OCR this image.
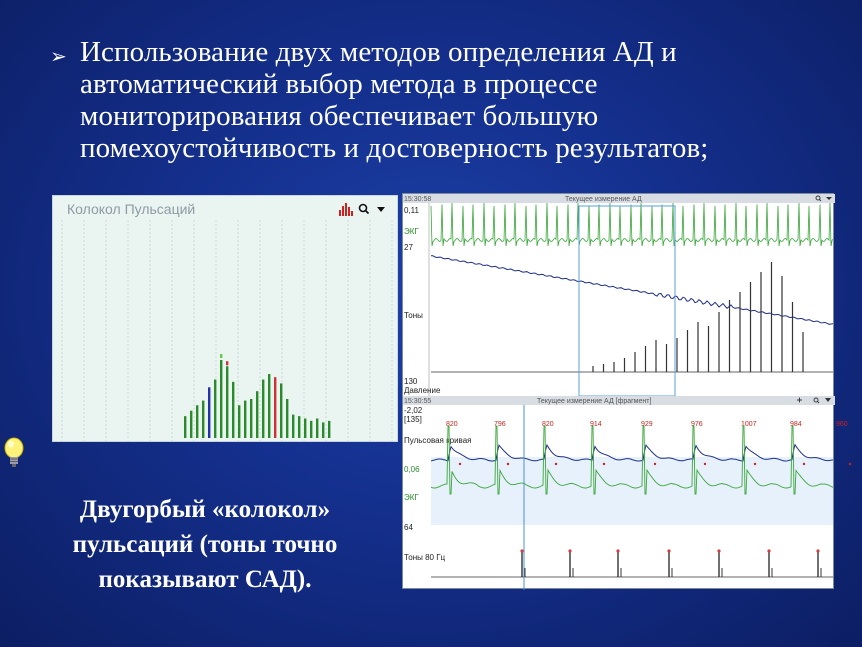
➢ Использование двух методов определения АД и
автоматический выбор метода в процессе
мониторирования обеспечивает большую
помехоустойчивость и достоверность результатов;
Колокол Пульсаций
15:30:58	Текущее измерение АД
0,11
ЭКГ
27
Тоны
130
Давление
15:30:55	Текущее измерение АД [фрагмент]
-2,02
[135]
Пульсовая кривая
0,06
ЭКГ
64
Тоны 80 Гц
820	796	820	914	929	976	1007	984	960
Двугорбый «колокол»
пульсаций (тоны точно
показывают САД).
